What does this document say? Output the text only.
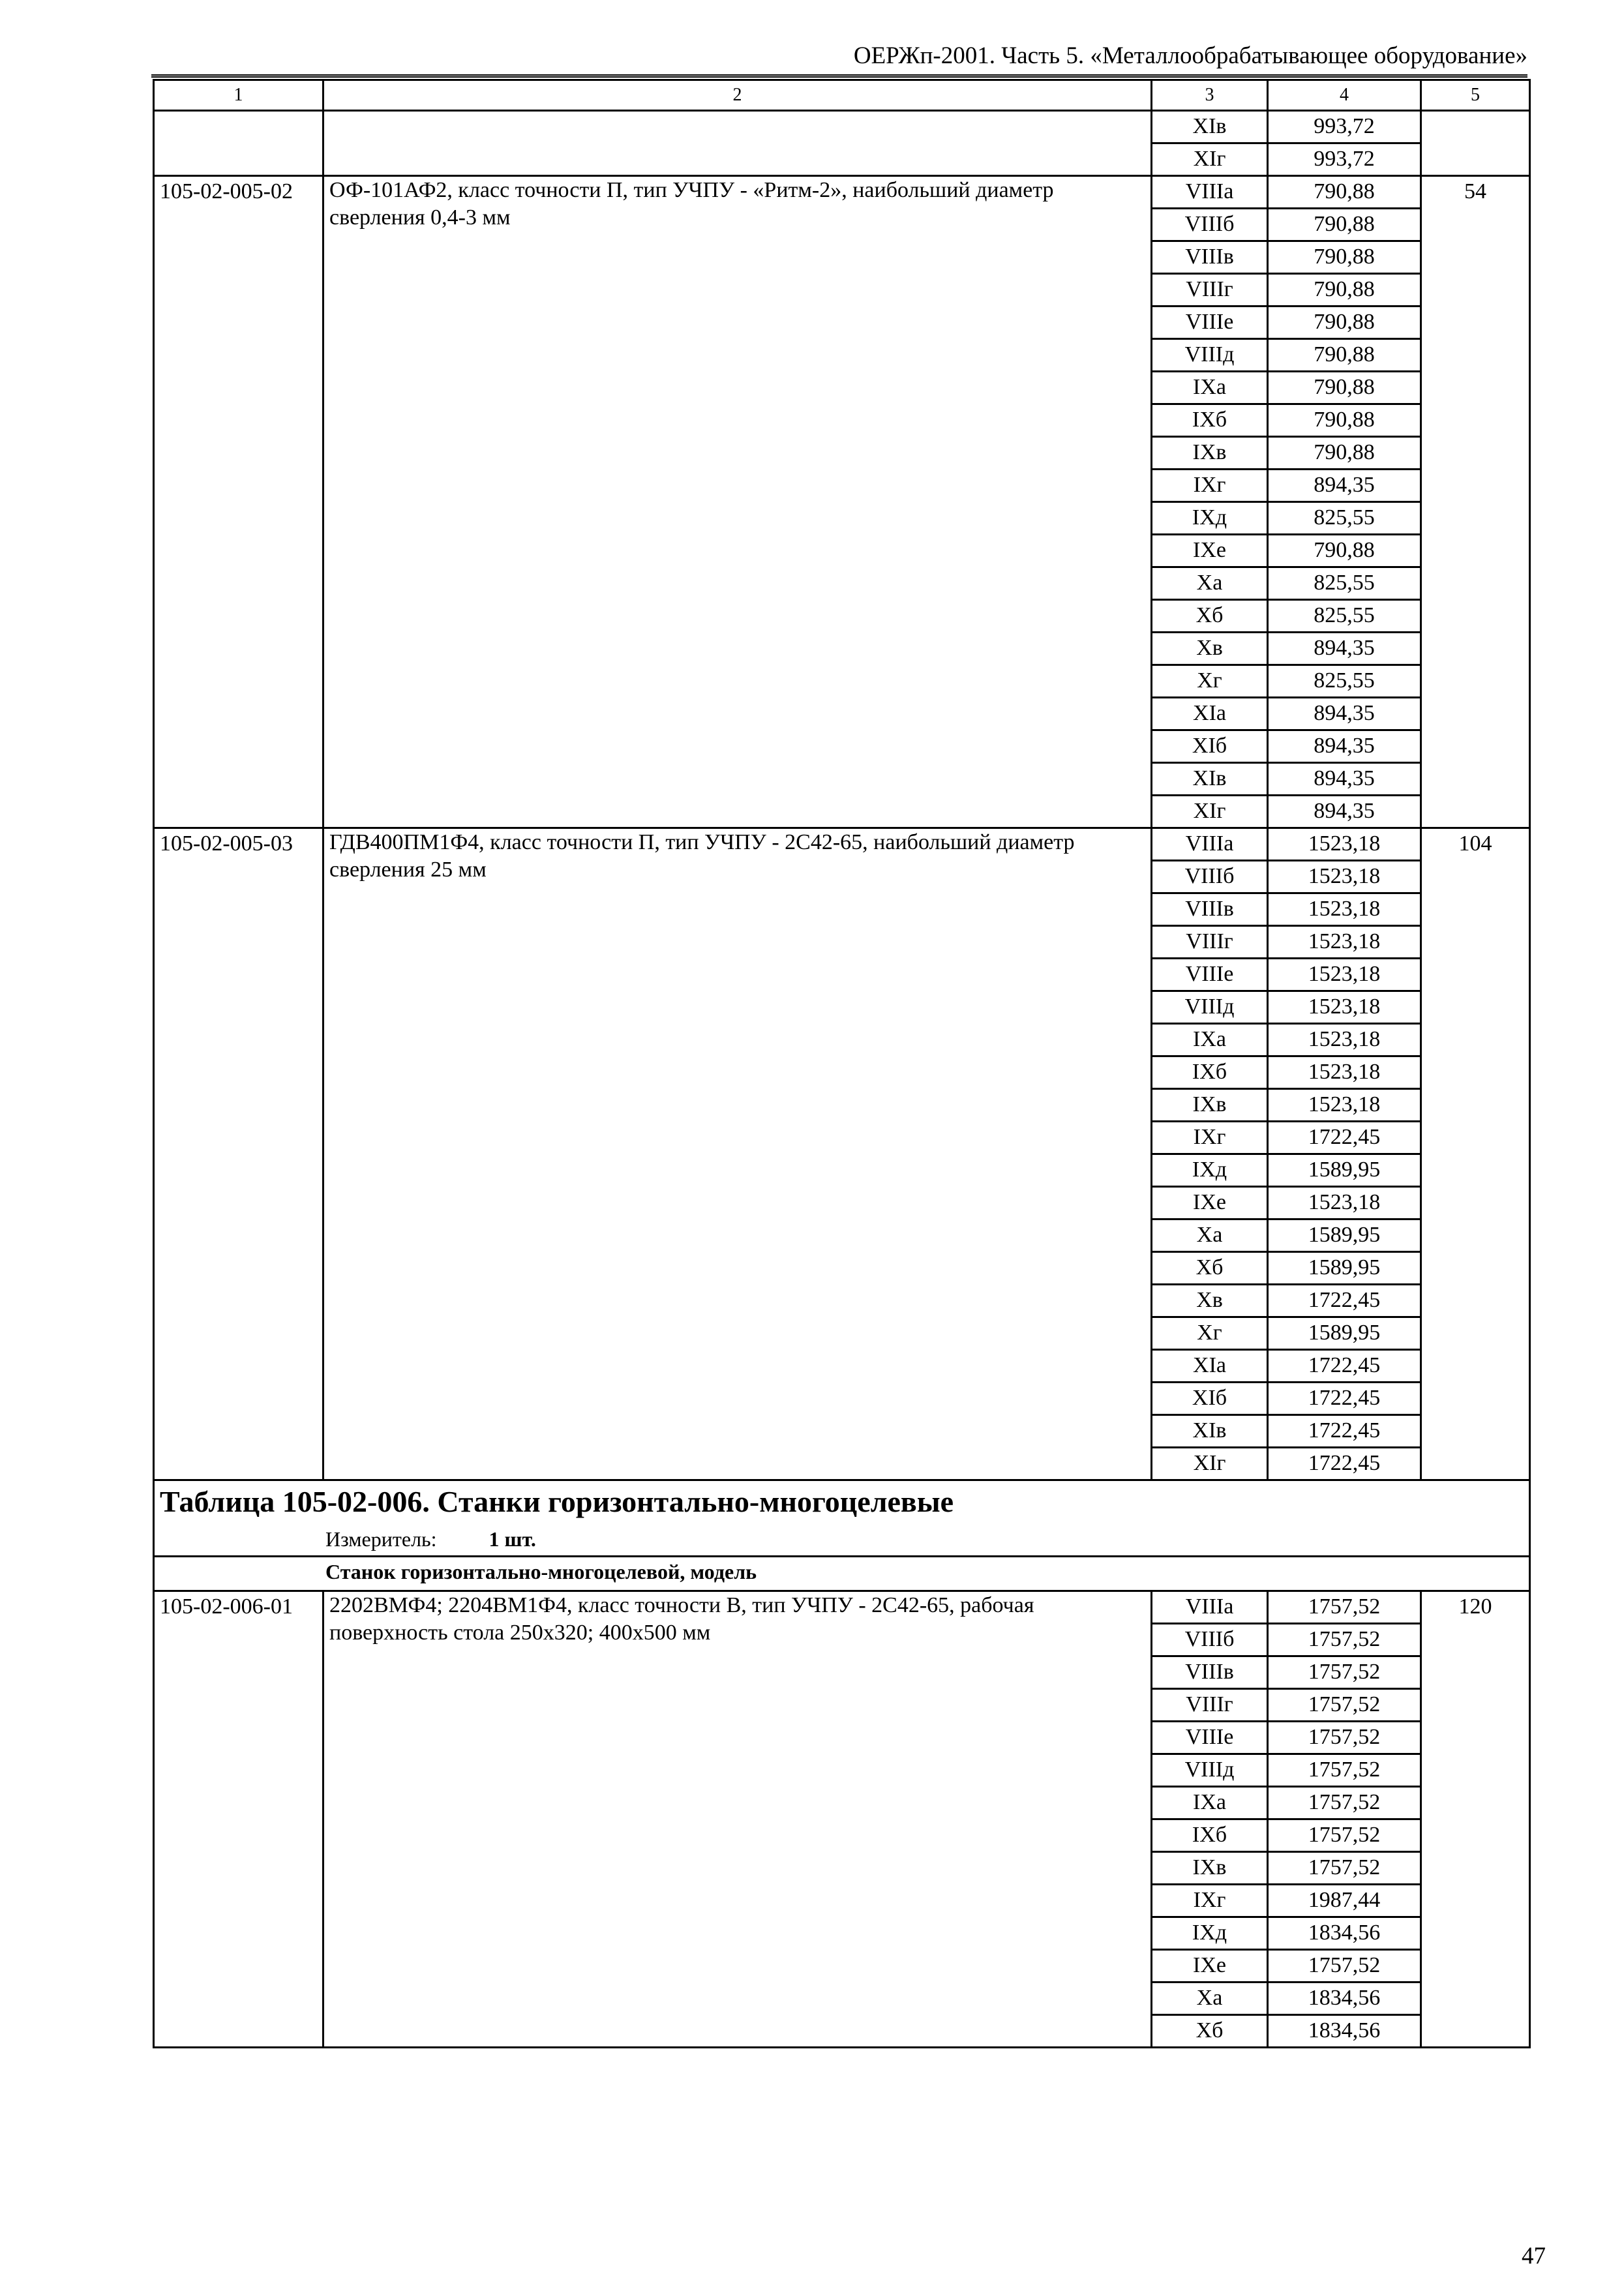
ОЕРЖп-2001. Часть 5. «Металлообрабатывающее оборудование»
1	2	3	4	5
		XIв	993,72	
		XIг	993,72	
105-02-005-02	ОФ-101АФ2, класс точности П, тип УЧПУ - «Ритм-2», наибольший диаметр сверления 0,4-3 мм	VIIIа	790,88	54
		VIIIб	790,88	
		VIIIв	790,88	
		VIIIг	790,88	
		VIIIе	790,88	
		VIIIд	790,88	
		IXа	790,88	
		IXб	790,88	
		IXв	790,88	
		IXг	894,35	
		IXд	825,55	
		IXе	790,88	
		Xа	825,55	
		Xб	825,55	
		Xв	894,35	
		Xг	825,55	
		XIа	894,35	
		XIб	894,35	
		XIв	894,35	
		XIг	894,35	
105-02-005-03	ГДВ400ПМ1Ф4, класс точности П, тип УЧПУ - 2С42-65, наибольший диаметр сверления 25 мм	VIIIа	1523,18	104
		VIIIб	1523,18	
		VIIIв	1523,18	
		VIIIг	1523,18	
		VIIIе	1523,18	
		VIIIд	1523,18	
		IXа	1523,18	
		IXб	1523,18	
		IXв	1523,18	
		IXг	1722,45	
		IXд	1589,95	
		IXе	1523,18	
		Xа	1589,95	
		Xб	1589,95	
		Xв	1722,45	
		Xг	1589,95	
		XIа	1722,45	
		XIб	1722,45	
		XIв	1722,45	
		XIг	1722,45	

Таблица 105-02-006. Станки горизонтально-многоцелевые
Измеритель: 1 шт.				

Станок горизонтально-многоцелевой, модель				
105-02-006-01	2202ВМФ4; 2204ВМ1Ф4, класс точности В, тип УЧПУ - 2С42-65, рабочая поверхность стола 250х320; 400х500 мм	VIIIа	1757,52	120
		VIIIб	1757,52	
		VIIIв	1757,52	
		VIIIг	1757,52	
		VIIIе	1757,52	
		VIIIд	1757,52	
		IXа	1757,52	
		IXб	1757,52	
		IXв	1757,52	
		IXг	1987,44	
		IXд	1834,56	
		IXе	1757,52	
		Xа	1834,56	
		Xб	1834,56	
47
